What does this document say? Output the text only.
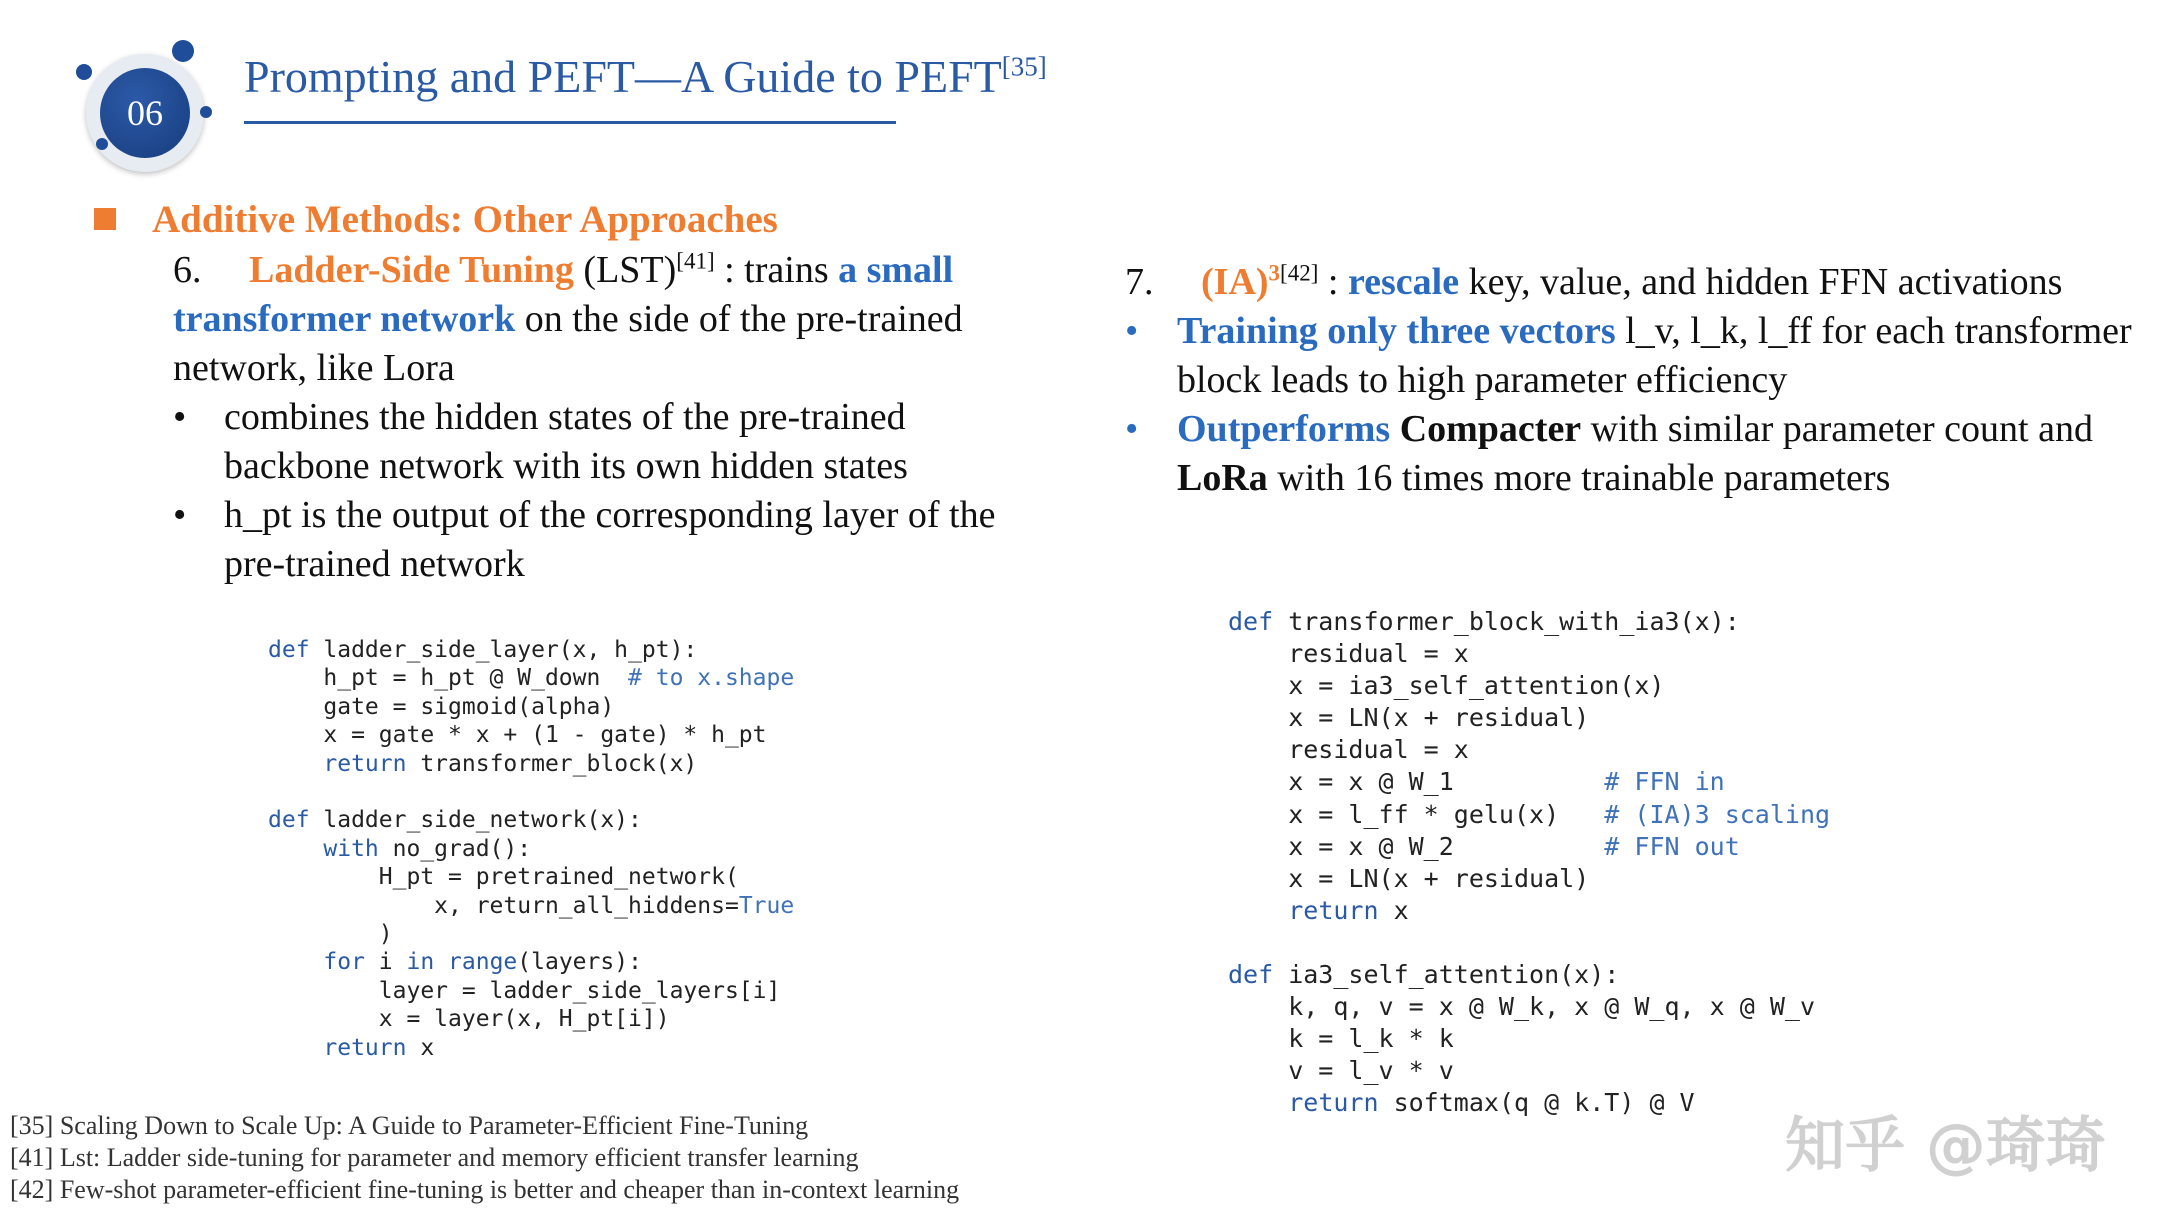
06
Prompting and PEFT—A Guide to PEFT[35]
Additive Methods: Other Approaches
6. Ladder-Side Tuning (LST)[41] : trains a small transformer network on the side of the pre-trained network, like Lora
• combines the hidden states of the pre-trained backbone network with its own hidden states
• h_pt is the output of the corresponding layer of the pre-trained network
7. (IA)$^{3[42]}$ : rescale key, value, and hidden FFN activations
• Training only three vectors l_v, l_k, l_ff for each transformer block leads to high parameter efficiency
• Outperforms Compacter with similar parameter count and LoRa with 16 times more trainable parameters
def ladder_side_layer(x, h_pt):
h_pt = h_pt @ W_down  # to x.shape
gate = sigmoid(alpha)
x = gate * x + (1 - gate) * h_pt
return transformer_block(x)

def ladder_side_network(x):
with no_grad():
H_pt = pretrained_network(
x, return_all_hiddens=True
)
for i in range(layers):
layer = ladder_side_layers[i]
x = layer(x, H_pt[i])
return x
def transformer_block_with_ia3(x):
residual = x
x = ia3_self_attention(x)
x = LN(x + residual)
residual = x
x = x @ W_1          # FFN in
x = l_ff * gelu(x)   # (IA)3 scaling
x = x @ W_2          # FFN out
x = LN(x + residual)
return x

def ia3_self_attention(x):
k, q, v = x @ W_k, x @ W_q, x @ W_v
k = l_k * k
v = l_v * v
return softmax(q @ k.T) @ V
[35] Scaling Down to Scale Up: A Guide to Parameter-Efficient Fine-Tuning
[41] Lst: Ladder side-tuning for parameter and memory efficient transfer learning
[42] Few-shot parameter-efficient fine-tuning is better and cheaper than in-context learning
知乎 @琦琦
